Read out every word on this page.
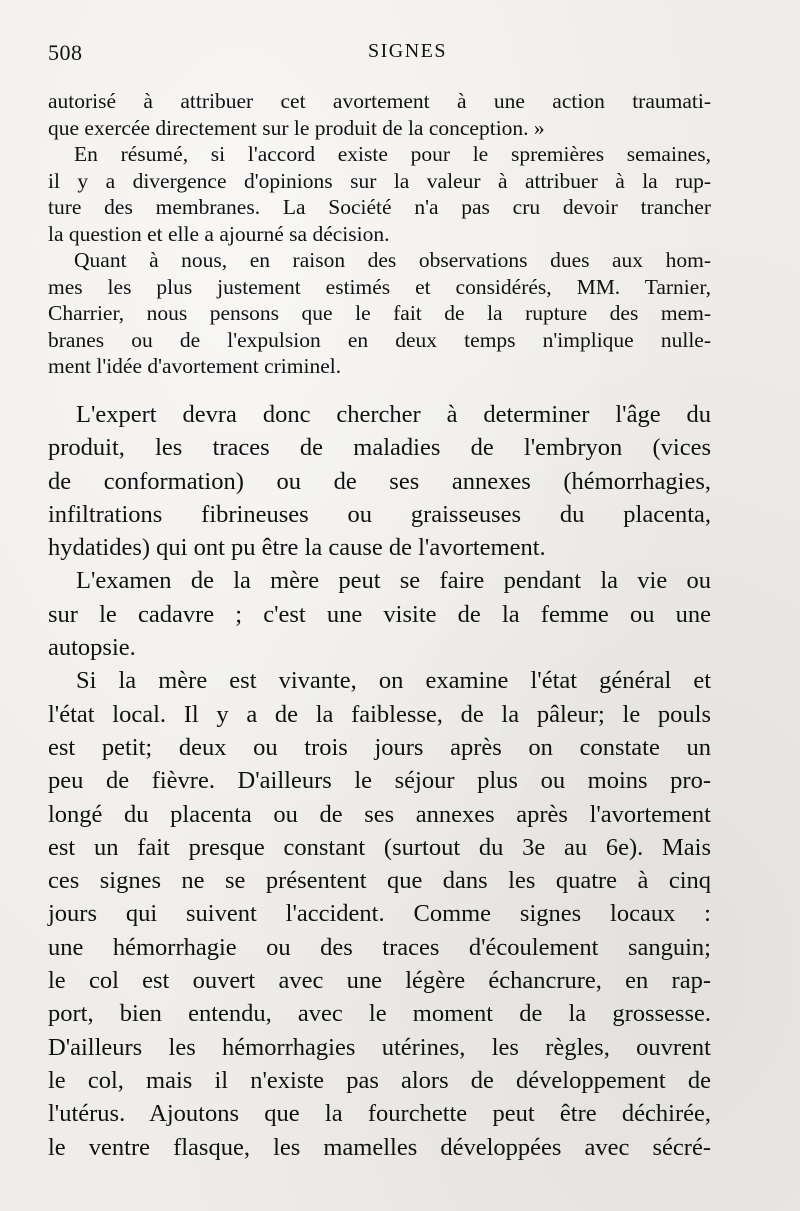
508	SIGNES
autorisé à attribuer cet avortement à une action traumati-
que exercée directement sur le produit de la conception. »
En résumé, si l'accord existe pour le spremières semaines,
il y a divergence d'opinions sur la valeur à attribuer à la rup-
ture des membranes. La Société n'a pas cru devoir trancher
la question et elle a ajourné sa décision.
Quant à nous, en raison des observations dues aux hom-
mes les plus justement estimés et considérés, MM. Tarnier,
Charrier, nous pensons que le fait de la rupture des mem-
branes ou de l'expulsion en deux temps n'implique nulle-
ment l'idée d'avortement criminel.
L'expert devra donc chercher à determiner l'âge du
produit, les traces de maladies de l'embryon (vices
de conformation) ou de ses annexes (hémorrhagies,
infiltrations fibrineuses ou graisseuses du placenta,
hydatides) qui ont pu être la cause de l'avortement.
L'examen de la mère peut se faire pendant la vie ou
sur le cadavre ; c'est une visite de la femme ou une
autopsie.
Si la mère est vivante, on examine l'état général et
l'état local. Il y a de la faiblesse, de la pâleur; le pouls
est petit; deux ou trois jours après on constate un
peu de fièvre. D'ailleurs le séjour plus ou moins pro-
longé du placenta ou de ses annexes après l'avortement
est un fait presque constant (surtout du 3e au 6e). Mais
ces signes ne se présentent que dans les quatre à cinq
jours qui suivent l'accident. Comme signes locaux :
une hémorrhagie ou des traces d'écoulement sanguin;
le col est ouvert avec une légère échancrure, en rap-
port, bien entendu, avec le moment de la grossesse.
D'ailleurs les hémorrhagies utérines, les règles, ouvrent
le col, mais il n'existe pas alors de développement de
l'utérus. Ajoutons que la fourchette peut être déchirée,
le ventre flasque, les mamelles développées avec sécré-
